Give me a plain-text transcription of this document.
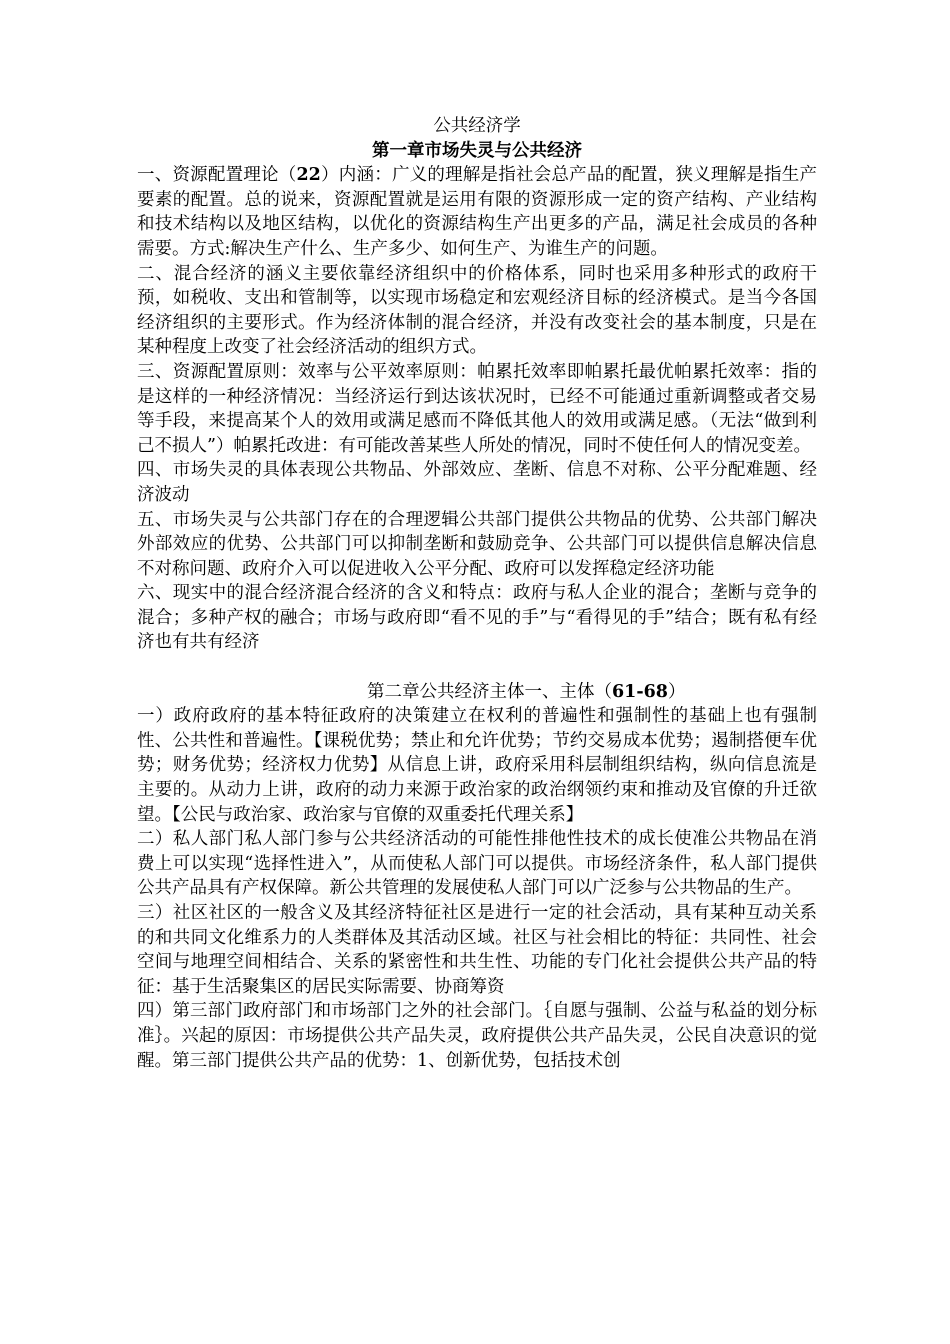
公共经济学

第一章市场失灵与公共经济

一、资源配置理论（22）内涵：广义的理解是指社会总产品的配置，狭义理解是指生产要素的配置。总的说来，资源配置就是运用有限的资源形成一定的资产结构、产业结构和技术结构以及地区结构，以优化的资源结构生产出更多的产品，满足社会成员的各种需要。方式:解决生产什么、生产多少、如何生产、为谁生产的问题。

二、混合经济的涵义主要依靠经济组织中的价格体系，同时也采用多种形式的政府干预，如税收、支出和管制等，以实现市场稳定和宏观经济目标的经济模式。是当今各国经济组织的主要形式。作为经济体制的混合经济，并没有改变社会的基本制度，只是在某种程度上改变了社会经济活动的组织方式。

三、资源配置原则：效率与公平效率原则：帕累托效率即帕累托最优帕累托效率：指的是这样的一种经济情况：当经济运行到达该状况时，已经不可能通过重新调整或者交易等手段，来提高某个人的效用或满足感而不降低其他人的效用或满足感。（无法“做到利己不损人”）帕累托改进：有可能改善某些人所处的情况，同时不使任何人的情况变差。

四、市场失灵的具体表现公共物品、外部效应、垄断、信息不对称、公平分配难题、经济波动

五、市场失灵与公共部门存在的合理逻辑公共部门提供公共物品的优势、公共部门解决外部效应的优势、公共部门可以抑制垄断和鼓励竞争、公共部门可以提供信息解决信息不对称问题、政府介入可以促进收入公平分配、政府可以发挥稳定经济功能

六、现实中的混合经济混合经济的含义和特点：政府与私人企业的混合；垄断与竞争的混合；多种产权的融合；市场与政府即“看不见的手”与“看得见的手”结合；既有私有经济也有共有经济

第二章公共经济主体一、主体（61-68）

一）政府政府的基本特征政府的决策建立在权利的普遍性和强制性的基础上也有强制性、公共性和普遍性。【课税优势；禁止和允许优势；节约交易成本优势；遏制搭便车优势；财务优势；经济权力优势】从信息上讲，政府采用科层制组织结构，纵向信息流是主要的。从动力上讲，政府的动力来源于政治家的政治纲领约束和推动及官僚的升迁欲望。【公民与政治家、政治家与官僚的双重委托代理关系】

二）私人部门私人部门参与公共经济活动的可能性排他性技术的成长使准公共物品在消费上可以实现“选择性进入”，从而使私人部门可以提供。市场经济条件，私人部门提供公共产品具有产权保障。新公共管理的发展使私人部门可以广泛参与公共物品的生产。

三）社区社区的一般含义及其经济特征社区是进行一定的社会活动，具有某种互动关系的和共同文化维系力的人类群体及其活动区域。社区与社会相比的特征：共同性、社会空间与地理空间相结合、关系的紧密性和共生性、功能的专门化社会提供公共产品的特征：基于生活聚集区的居民实际需要、协商筹资

四）第三部门政府部门和市场部门之外的社会部门。｛自愿与强制、公益与私益的划分标准｝。兴起的原因：市场提供公共产品失灵，政府提供公共产品失灵，公民自决意识的觉醒。第三部门提供公共产品的优势：1、创新优势，包括技术创
